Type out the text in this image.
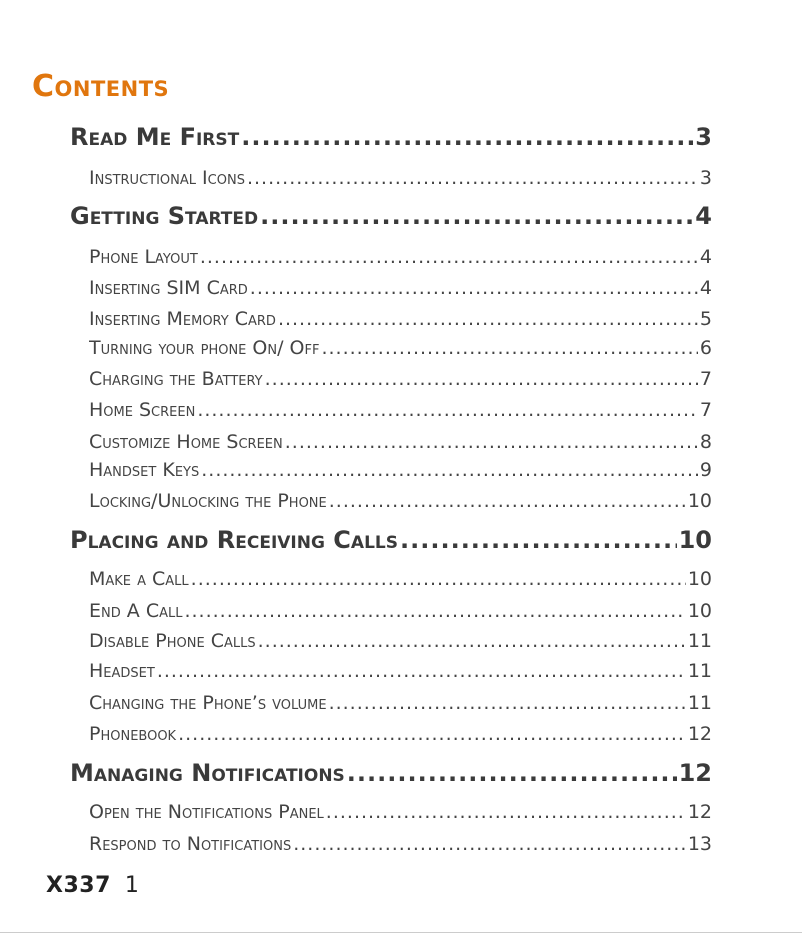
Contents
Read Me First .....	3
Instructional Icons .....	3
Getting Started .....	4
Phone Layout .....	4
Inserting SIM Card .....	4
Inserting Memory Card .....	5
Turning your phone On/ Off .....	6
Charging the Battery .....	7
Home Screen .....	7
Customize Home Screen .....	8
Handset Keys .....	9
Locking/Unlocking the Phone .....	10
Placing and Receiving Calls .....	10
Make a Call .....	10
End A Call .....	10
Disable Phone Calls .....	11
Headset .....	11
Changing the Phone’s volume .....	11
Phonebook .....	12
Managing Notifications .....	12
Open the Notifications Panel .....	12
Respond to Notifications .....	13
X337 1
